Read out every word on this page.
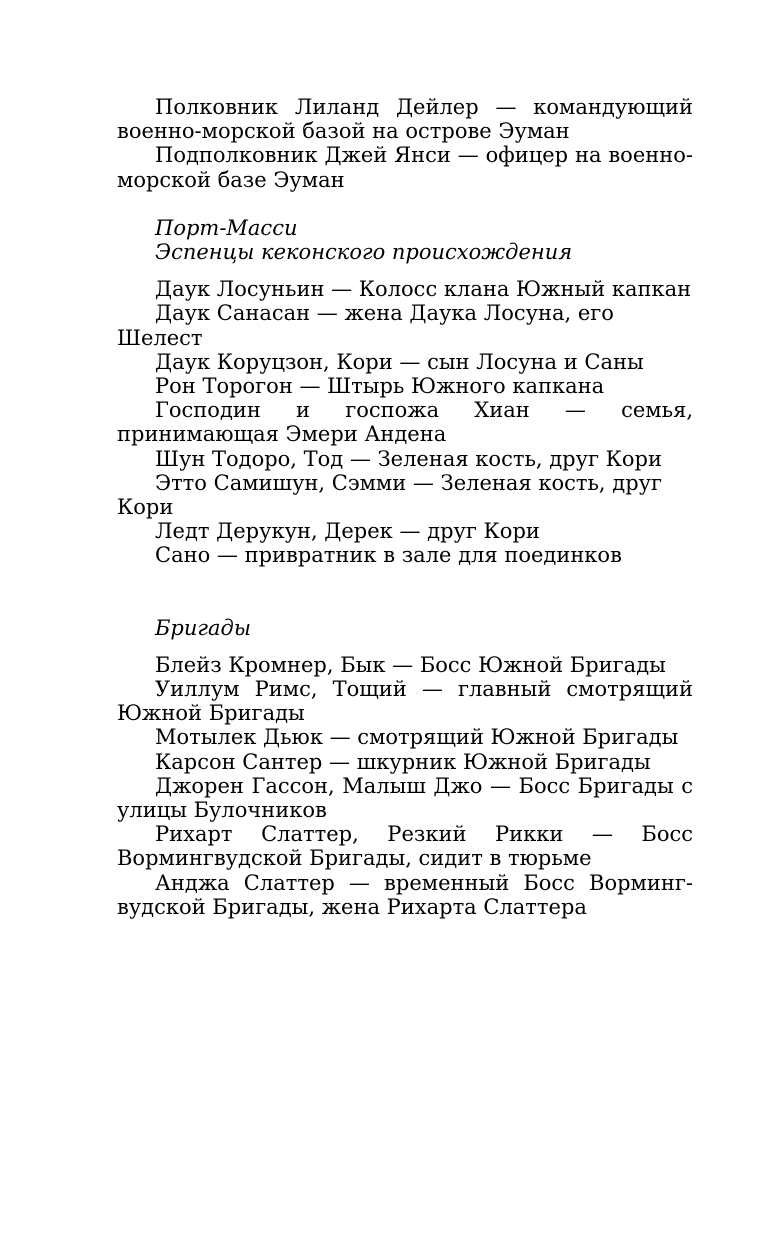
Полковник Лиланд Дейлер — командующий военно-морской базой на острове Эуман

Подполковник Джей Янси — офицер на военно-морской базе Эуман

Порт-Масси

Эспенцы кеконского происхождения

Даук Лосуньин — Колосс клана Южный капкан

Даук Санасан — жена Даука Лосуна, его Шелест

Даук Коруцзон, Кори — сын Лосуна и Саны

Рон Торогон — Штырь Южного капкана

Господин и госпожа Хиан — семья, принимающая Эмери Андена

Шун Тодоро, Тод — Зеленая кость, друг Кори

Этто Самишун, Сэмми — Зеленая кость, друг Кори

Ледт Дерукун, Дерек — друг Кори

Сано — привратник в зале для поединков

Бригады

Блейз Кромнер, Бык — Босс Южной Бригады

Уиллум Римс, Тощий — главный смотрящий Южной Бригады

Мотылек Дьюк — смотрящий Южной Бригады

Карсон Сантер — шкурник Южной Бригады

Джорен Гассон, Малыш Джо — Босс Бригады с улицы Булочников

Рихарт Слаттер, Резкий Рикки — Босс Вормингвудской Бригады, сидит в тюрьме

Анджа Слаттер — временный Босс Вормингвудской Бригады, жена Рихарта Слаттера
